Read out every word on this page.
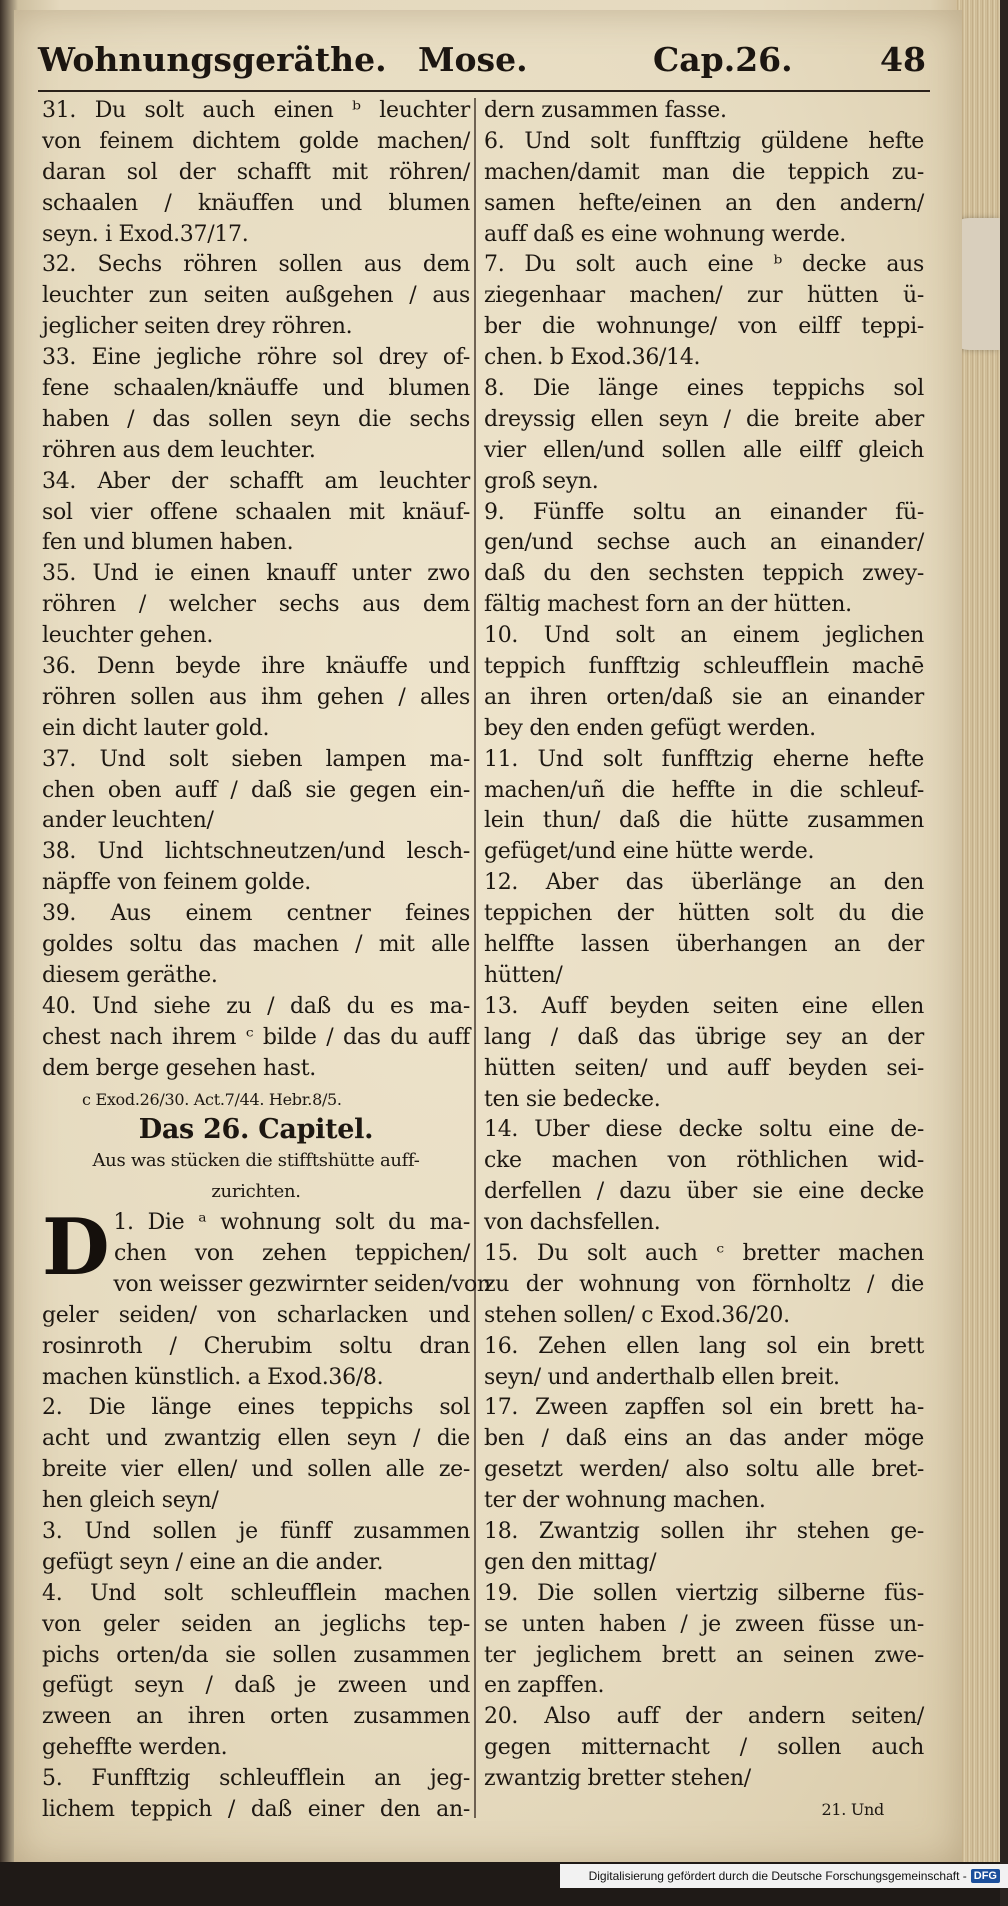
Wohnungsgeräthe. Mose.	Cap.26.	48
31. Du solt auch einen ᵇ leuchter
von feinem dichtem golde machen/
daran sol der schafft mit röhren/
schaalen / knäuffen und blumen
seyn. i Exod.37/17.
32. Sechs röhren sollen aus dem
leuchter zun seiten außgehen / aus
jeglicher seiten drey röhren.
33. Eine jegliche röhre sol drey of-
fene schaalen/knäuffe und blumen
haben / das sollen seyn die sechs
röhren aus dem leuchter.
34. Aber der schafft am leuchter
sol vier offene schaalen mit knäuf-
fen und blumen haben.
35. Und ie einen knauff unter zwo
röhren / welcher sechs aus dem
leuchter gehen.
36. Denn beyde ihre knäuffe und
röhren sollen aus ihm gehen / alles
ein dicht lauter gold.
37. Und solt sieben lampen ma-
chen oben auff / daß sie gegen ein-
ander leuchten/
38. Und lichtschneutzen/und lesch-
näpffe von feinem golde.
39. Aus einem centner feines
goldes soltu das machen / mit alle
diesem geräthe.
40. Und siehe zu / daß du es ma-
chest nach ihrem ᶜ bilde / das du auff
dem berge gesehen hast.
c Exod.26/30. Act.7/44. Hebr.8/5.
Das 26. Capitel.
Aus was stücken die stifftshütte auff-
zurichten.
D 1. Die ᵃ wohnung solt du ma-
chen von zehen teppichen/
von weisser gezwirnter seiden/von
geler seiden/ von scharlacken und
rosinroth / Cherubim soltu dran
machen künstlich. a Exod.36/8.
2. Die länge eines teppichs sol
acht und zwantzig ellen seyn / die
breite vier ellen/ und sollen alle ze-
hen gleich seyn/
3. Und sollen je fünff zusammen
gefügt seyn / eine an die ander.
4. Und solt schleufflein machen
von geler seiden an jeglichs tep-
pichs orten/da sie sollen zusammen
gefügt seyn / daß je zween und
zween an ihren orten zusammen
geheffte werden.
5. Funfftzig schleufflein an jeg-
lichem teppich / daß einer den an-
dern zusammen fasse.
6. Und solt funfftzig güldene hefte
machen/damit man die teppich zu-
samen hefte/einen an den andern/
auff daß es eine wohnung werde.
7. Du solt auch eine ᵇ decke aus
ziegenhaar machen/ zur hütten ü-
ber die wohnunge/ von eilff teppi-
chen. b Exod.36/14.
8. Die länge eines teppichs sol
dreyssig ellen seyn / die breite aber
vier ellen/und sollen alle eilff gleich
groß seyn.
9. Fünffe soltu an einander fü-
gen/und sechse auch an einander/
daß du den sechsten teppich zwey-
fältig machest forn an der hütten.
10. Und solt an einem jeglichen
teppich funfftzig schleufflein machē
an ihren orten/daß sie an einander
bey den enden gefügt werden.
11. Und solt funfftzig eherne hefte
machen/uñ die heffte in die schleuf-
lein thun/ daß die hütte zusammen
gefüget/und eine hütte werde.
12. Aber das überlänge an den
teppichen der hütten solt du die
helffte lassen überhangen an der
hütten/
13. Auff beyden seiten eine ellen
lang / daß das übrige sey an der
hütten seiten/ und auff beyden sei-
ten sie bedecke.
14. Uber diese decke soltu eine de-
cke machen von röthlichen wid-
derfellen / dazu über sie eine decke
von dachsfellen.
15. Du solt auch ᶜ bretter machen
zu der wohnung von förnholtz / die
stehen sollen/ c Exod.36/20.
16. Zehen ellen lang sol ein brett
seyn/ und anderthalb ellen breit.
17. Zween zapffen sol ein brett ha-
ben / daß eins an das ander möge
gesetzt werden/ also soltu alle bret-
ter der wohnung machen.
18. Zwantzig sollen ihr stehen ge-
gen den mittag/
19. Die sollen viertzig silberne füs-
se unten haben / je zween füsse un-
ter jeglichem brett an seinen zwe-
en zapffen.
20. Also auff der andern seiten/
gegen mitternacht / sollen auch
zwantzig bretter stehen/
21. Und
Digitalisierung gefördert durch die Deutsche Forschungsgemeinschaft - DFG
